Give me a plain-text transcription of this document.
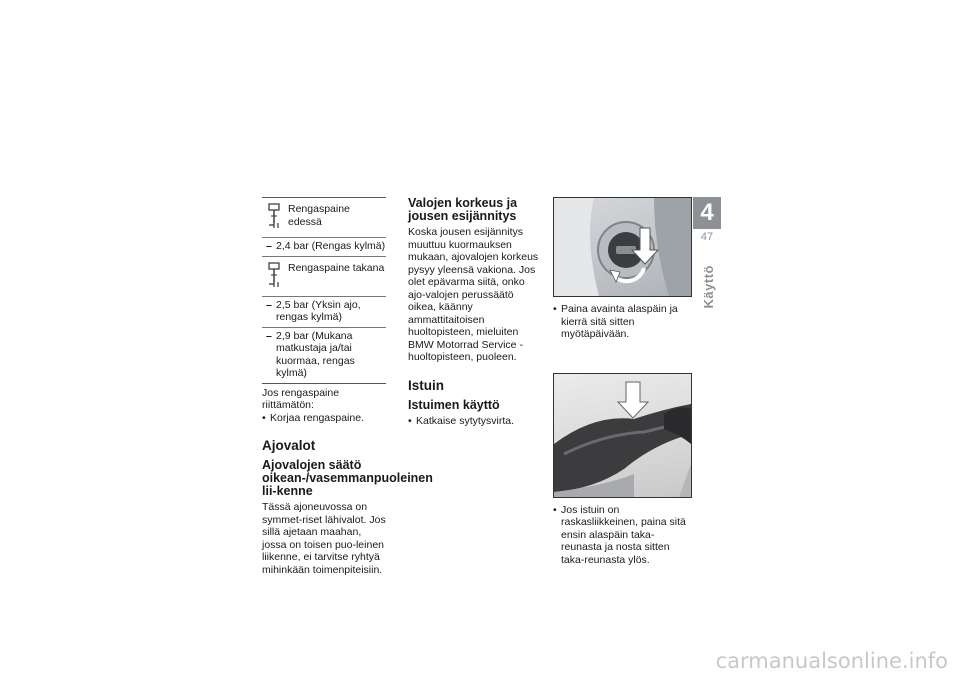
Rengaspaine edessä
– 2,4 bar (Rengas kylmä)
Rengaspaine takana
– 2,5 bar (Yksin ajo, rengas kylmä)
– 2,9 bar (Mukana matkustaja ja/tai kuormaa, rengas kylmä)

Jos rengaspaine riittämätön:

• Korjaa rengaspaine.

Ajovalot
Ajovalojen säätö oikean-/vasemmanpuoleinen lii-kenne

Tässä ajoneuvossa on symmet-riset lähivalot. Jos sillä ajetaan maahan, jossa on toisen puo-leinen liikenne, ei tarvitse ryhtyä mihinkään toimenpiteisiin.

Valojen korkeus ja jousen esijännitys

Koska jousen esijännitys muuttuu kuormauksen mukaan, ajovalojen korkeus pysyy yleensä vakiona. Jos olet epävarma siitä, onko ajo-valojen perussäätö oikea, käänny ammattitaitoisen huoltopisteen, mieluiten BMW Motorrad Service -huoltopisteen, puoleen.

Istuin
Istuimen käyttö

• Katkaise sytytysvirta.

• Paina avainta alaspäin ja kierrä sitä sitten myötäpäivään.

• Jos istuin on raskasliikkeinen, paina sitä ensin alaspäin taka-reunasta ja nosta sitten taka-reunasta ylös.

4
47
Käyttö
carmanualsonline.info
